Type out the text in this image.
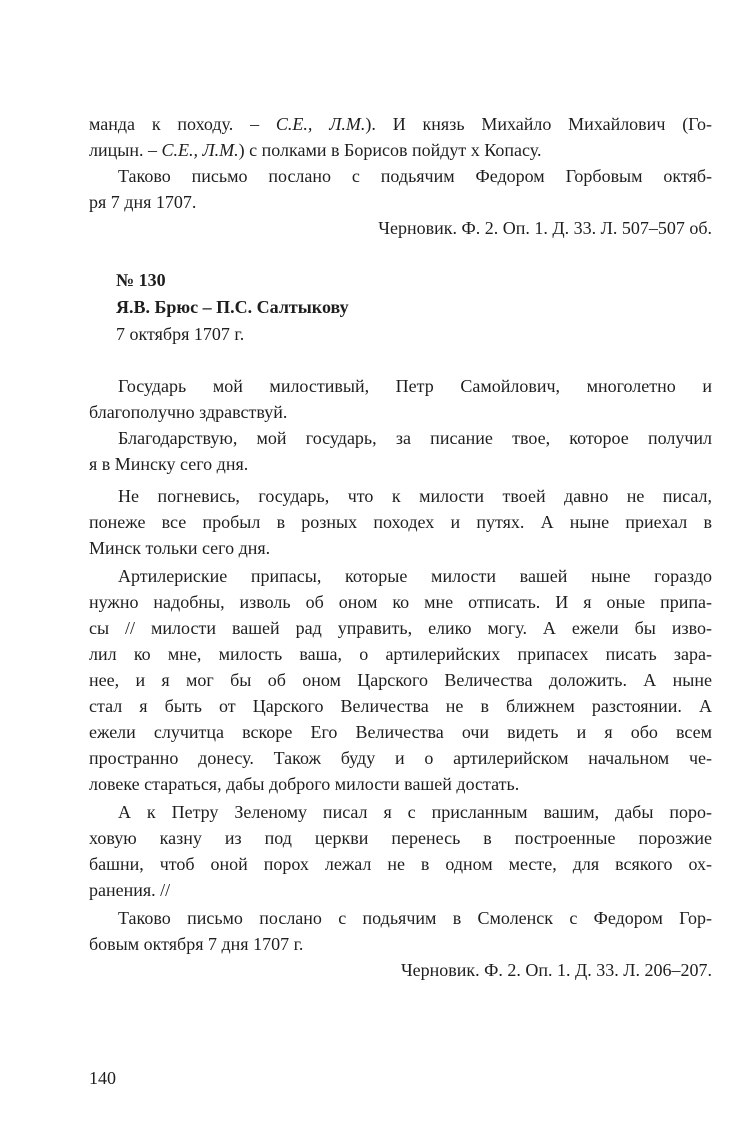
манда к походу. – С.Е., Л.М.). И князь Михайло Михайлович (Го-
лицын. – С.Е., Л.М.) с полками в Борисов пойдут х Копасу.
Таково письмо послано с подьячим Федором Горбовым октяб-
ря 7 дня 1707.
Черновик. Ф. 2. Оп. 1. Д. 33. Л. 507–507 об.
№ 130
Я.В. Брюс – П.С. Салтыкову
7 октября 1707 г.
Государь мой милостивый, Петр Самойлович, многолетно и
благополучно здравствуй.
Благодарствую, мой государь, за писание твое, которое получил
я в Минску сего дня.
Не погневись, государь, что к милости твоей давно не писал,
понеже все пробыл в розных походех и путях. А ныне приехал в
Минск тольки сего дня.
Артилериские припасы, которые милости вашей ныне гораздо
нужно надобны, изволь об оном ко мне отписать. И я оные припа-
сы // милости вашей рад управить, елико могу. А ежели бы изво-
лил ко мне, милость ваша, о артилерийских припасех писать зара-
нее, и я мог бы об оном Царского Величества доложить. А ныне
стал я быть от Царского Величества не в ближнем разстоянии. А
ежели случитца вскоре Его Величества очи видеть и я обо всем
пространно донесу. Також буду и о артилерийском начальном че-
ловеке стараться, дабы доброго милости вашей достать.
А к Петру Зеленому писал я с присланным вашим, дабы поро-
ховую казну из под церкви перенесь в построенные порозжие
башни, чтоб оной порох лежал не в одном месте, для всякого ох-
ранения. //
Таково письмо послано с подьячим в Смоленск с Федором Гор-
бовым октября 7 дня 1707 г.
Черновик. Ф. 2. Оп. 1. Д. 33. Л. 206–207.
140
